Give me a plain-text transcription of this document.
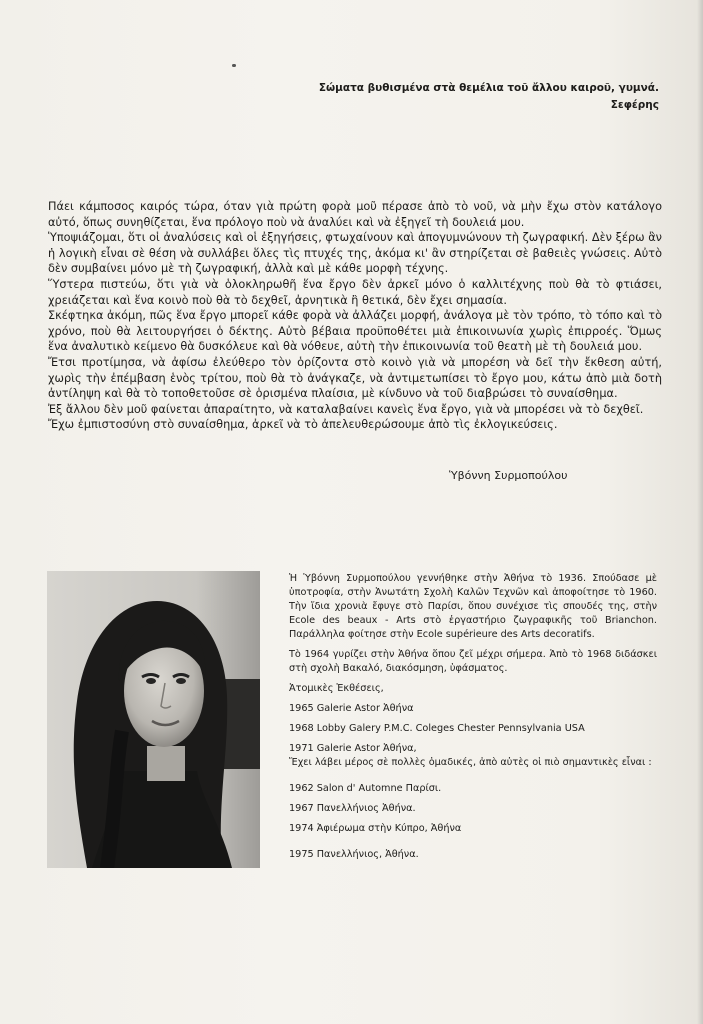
Σώματα βυθισμένα στὰ θεμέλια τοῦ ἄλλου καιροῦ, γυμνά.
Σεφέρης

Πάει κάμποσος καιρός τώρα, όταν γιὰ πρώτη φορὰ μοῦ πέρασε ἀπὸ τὸ νοῦ, νὰ μὴν ἔχω στὸν κατάλογο αὐτό, ὅπως συνηθίζεται, ἕνα πρόλογο ποὺ νὰ ἀναλύει καὶ νὰ ἐξηγεῖ τὴ δουλειά μου.

Ὑποψιάζομαι, ὅτι οἱ ἀναλύσεις καὶ οἱ ἐξηγήσεις, φτωχαίνουν καὶ ἀπογυμνώνουν τὴ ζωγραφική. Δὲν ξέρω ἂν ἡ λογικὴ εἶναι σὲ θέση νὰ συλλάβει ὅλες τὶς πτυχές της, ἀκόμα κι' ἂν στηρίζεται σὲ βαθειὲς γνώσεις. Αὐτὸ δὲν συμβαίνει μόνο μὲ τὴ ζωγραφική, ἀλλὰ καὶ μὲ κάθε μορφὴ τέχνης.

Ὕστερα πιστεύω, ὅτι γιὰ νὰ ὁλοκληρωθῆ ἕνα ἔργο δὲν ἀρκεῖ μόνο ὁ καλλιτέχνης ποὺ θὰ τὸ φτιάσει, χρειάζεται καὶ ἕνα κοινὸ ποὺ θὰ τὸ δεχθεῖ, ἀρνητικὰ ἢ θετικά, δὲν ἔχει σημασία.

Σκέφτηκα ἀκόμη, πῶς ἕνα ἔργο μπορεῖ κάθε φορὰ νὰ ἀλλάζει μορφή, ἀνάλογα μὲ τὸν τρόπο, τὸ τόπο καὶ τὸ χρόνο, ποὺ θὰ λειτουργήσει ὁ δέκτης. Αὐτὸ βέβαια προϋποθέτει μιὰ ἐπικοινωνία χωρὶς ἐπιρροές. Ὅμως ἕνα ἀναλυτικὸ κείμενο θὰ δυσκόλευε καὶ θὰ νόθευε, αὐτὴ τὴν ἐπικοινωνία τοῦ θεατὴ μὲ τὴ δουλειά μου.

Ἔτσι προτίμησα, νὰ ἀφίσω ἐλεύθερο τὸν ὁρίζοντα στὸ κοινὸ γιὰ νὰ μπορέση νὰ δεῖ τὴν ἔκθεση αὐτή, χωρὶς τὴν ἐπέμβαση ἑνὸς τρίτου, ποὺ θὰ τὸ ἀνάγκαζε, νὰ ἀντιμετωπίσει τὸ ἔργο μου, κάτω ἀπὸ μιὰ δοτὴ ἀντίληψη καὶ θὰ τὸ τοποθετοῦσε σὲ ὁρισμένα πλαίσια, μὲ κίνδυνο νὰ τοῦ διαβρώσει τὸ συναίσθημα.

Ἐξ ἄλλου δὲν μοῦ φαίνεται ἀπαραίτητο, νὰ καταλαβαίνει κανεὶς ἕνα ἔργο, γιὰ νὰ μπορέσει νὰ τὸ δεχθεῖ.

Ἔχω ἐμπιστοσύνη στὸ συναίσθημα, ἀρκεῖ νὰ τὸ ἀπελευθερώσουμε ἀπὸ τὶς ἐκλογικεύσεις.

Ὑβόννη Συρμοπούλου

Ἡ Ὑβόννη Συρμοπούλου γεννήθηκε στὴν Ἀθήνα τὸ 1936. Σπούδασε μὲ ὑποτροφία, στὴν Ἀνωτάτη Σχολὴ Καλῶν Τεχνῶν καὶ ἀποφοίτησε τὸ 1960. Τὴν ἴδια χρονιὰ ἔφυγε στὸ Παρίσι, ὅπου συνέχισε τὶς σπουδές της, στὴν Ecole des beaux - Arts στὸ ἐργαστήριο ζωγραφικῆς τοῦ Brianchon. Παράλληλα φοίτησε στὴν Ecole supérieure des Arts decoratifs.

Τὸ 1964 γυρίζει στὴν Ἀθήνα ὅπου ζεῖ μέχρι σήμερα. Ἀπὸ τὸ 1968 διδάσκει στὴ σχολὴ Βακαλό, διακόσμηση, ὑφάσματος.

Ἀτομικὲς Ἐκθέσεις,

1965 Galerie Astor Ἀθήνα

1968 Lobby Galery P.M.C. Coleges Chester Pennsylvania USA

1971 Galerie Astor Ἀθήνα,

Ἔχει λάβει μέρος σὲ πολλὲς ὁμαδικές, ἀπὸ αὐτὲς οἱ πιὸ σημαντικὲς εἶναι :

1962 Salon d' Automne Παρίσι.

1967 Πανελλήνιος Ἀθήνα.

1974 Ἀφιέρωμα στὴν Κύπρο, Ἀθήνα

1975 Πανελλήνιος, Ἀθήνα.
